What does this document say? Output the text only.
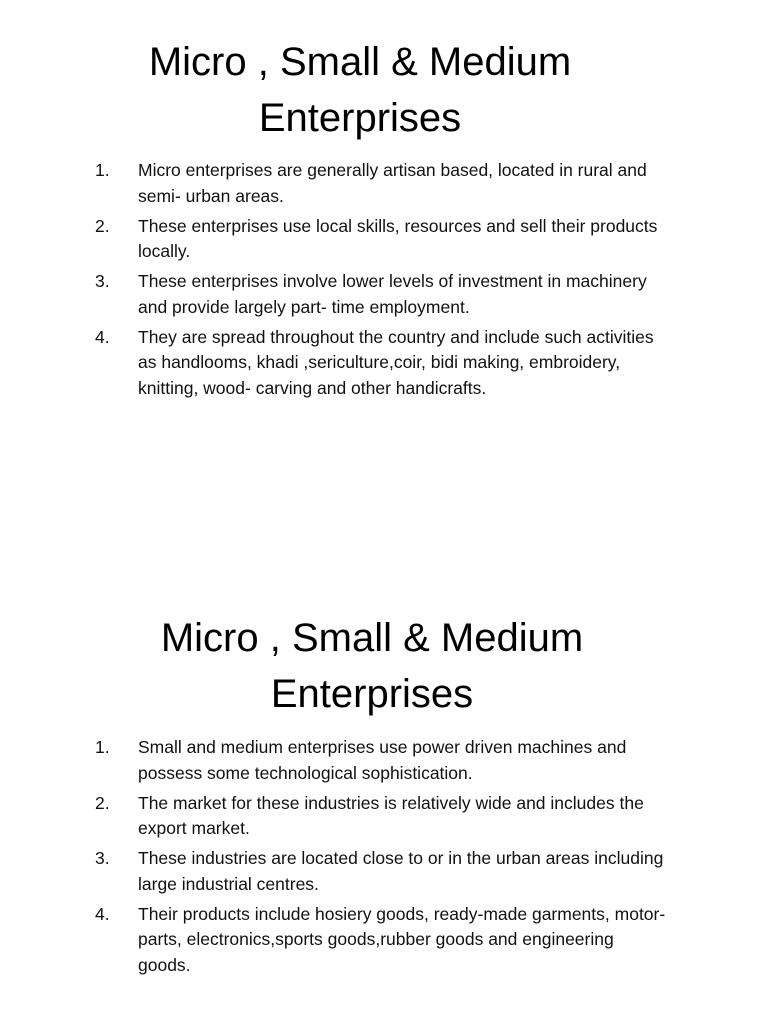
Micro , Small & Medium
Enterprises
1.	Micro enterprises are generally artisan based, located in rural and semi- urban areas.
2.	These enterprises use local skills, resources and sell their products locally.
3.	These enterprises involve lower levels of investment in machinery and provide largely part- time employment.
4.	They are spread throughout the country and include such activities as handlooms, khadi ,sericulture,coir, bidi making, embroidery, knitting, wood- carving and other handicrafts.
Micro , Small & Medium
Enterprises
1.	Small and medium enterprises use power driven machines and possess some technological sophistication.
2.	The market for these industries is relatively wide and includes the export market.
3.	These industries are located close to or in the urban areas including large industrial centres.
4.	Their products include hosiery goods, ready-made garments, motor-parts, electronics,sports goods,rubber goods and engineering goods.
